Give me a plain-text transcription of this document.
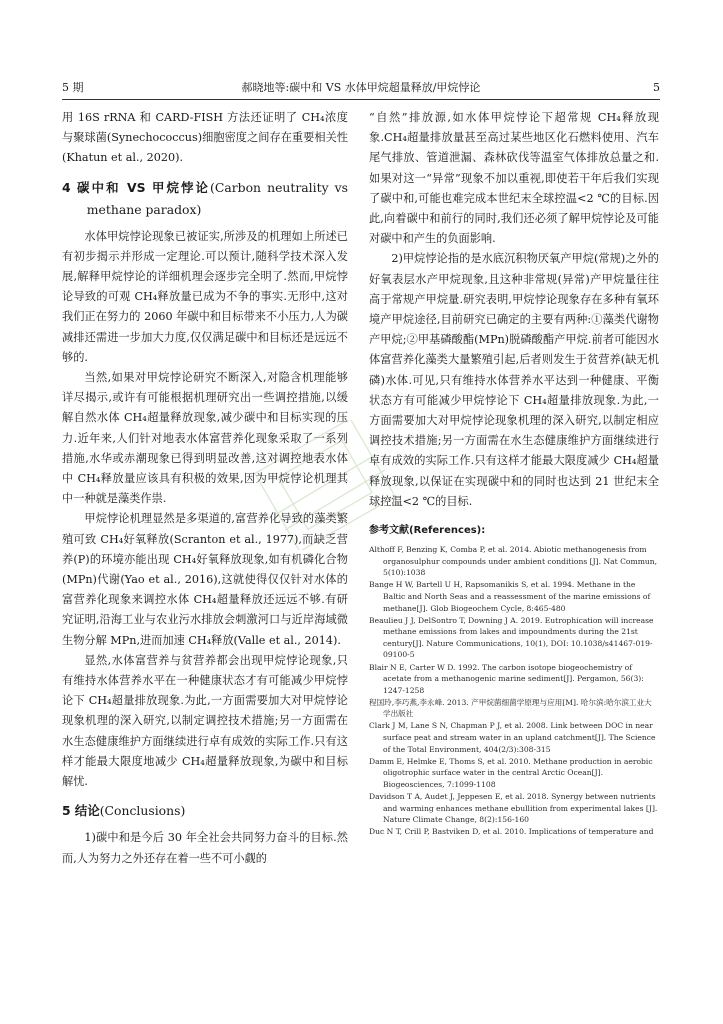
5 期	郝晓地等:碳中和 VS 水体甲烷超量释放/甲烷悖论	5

用 16S rRNA 和 CARD-FISH 方法还证明了 CH₄浓度与聚球菌(Synechococcus)细胞密度之间存在重要相关性(Khatun et al., 2020).

4 碳中和 VS 甲烷悖论(Carbon neutrality vs methane paradox)

水体甲烷悖论现象已被证实,所涉及的机理如上所述已有初步揭示并形成一定理论.可以预计,随科学技术深入发展,解释甲烷悖论的详细机理会逐步完全明了.然而,甲烷悖论导致的可观 CH₄释放量已成为不争的事实.无形中,这对我们正在努力的 2060 年碳中和目标带来不小压力,人为碳减排还需进一步加大力度,仅仅满足碳中和目标还是远远不够的.

当然,如果对甲烷悖论研究不断深入,对隐含机理能够详尽揭示,或许有可能根据机理研究出一些调控措施,以缓解自然水体 CH₄超量释放现象,减少碳中和目标实现的压力.近年来,人们针对地表水体富营养化现象采取了一系列措施,水华或赤潮现象已得到明显改善,这对调控地表水体中 CH₄释放量应该具有积极的效果,因为甲烷悖论机理其中一种就是藻类作祟.

甲烷悖论机理显然是多渠道的,富营养化导致的藻类繁殖可致 CH₄好氧释放(Scranton et al., 1977),而缺乏营养(P)的环境亦能出现 CH₄好氧释放现象,如有机磷化合物(MPn)代谢(Yao et al., 2016),这就使得仅仅针对水体的富营养化现象来调控水体 CH₄超量释放还远远不够.有研究证明,沿海工业与农业污水排放会刺激河口与近岸海域微生物分解 MPn,进而加速 CH₄释放(Valle et al., 2014).

显然,水体富营养与贫营养都会出现甲烷悖论现象,只有维持水体营养水平在一种健康状态才有可能减少甲烷悖论下 CH₄超量排放现象.为此,一方面需要加大对甲烷悖论现象机理的深入研究,以制定调控技术措施;另一方面需在水生态健康维护方面继续进行卓有成效的实际工作.只有这样才能最大限度地减少 CH₄超量释放现象,为碳中和目标解忧.

5 结论(Conclusions)

1)碳中和是今后 30 年全社会共同努力奋斗的目标.然而,人为努力之外还存在着一些不可小觑的

“自然”排放源,如水体甲烷悖论下超常规 CH₄释放现象.CH₄超量排放量甚至高过某些地区化石燃料使用、汽车尾气排放、管道泄漏、森林砍伐等温室气体排放总量之和.如果对这一“异常”现象不加以重视,即使若干年后我们实现了碳中和,可能也难完成本世纪末全球控温<2 ℃的目标.因此,向着碳中和前行的同时,我们还必须了解甲烷悖论及可能对碳中和产生的负面影响.

2)甲烷悖论指的是水底沉积物厌氧产甲烷(常规)之外的好氧表层水产甲烷现象,且这种非常规(异常)产甲烷量往往高于常规产甲烷量.研究表明,甲烷悖论现象存在多种有氧环境产甲烷途径,目前研究已确定的主要有两种:①藻类代谢物产甲烷;②甲基磷酸酯(MPn)脱磷酸酯产甲烷.前者可能因水体富营养化藻类大量繁殖引起,后者则发生于贫营养(缺无机磷)水体.可见,只有维持水体营养水平达到一种健康、平衡状态方有可能减少甲烷悖论下 CH₄超量排放现象.为此,一方面需要加大对甲烷悖论现象机理的深入研究,以制定相应调控技术措施;另一方面需在水生态健康维护方面继续进行卓有成效的实际工作.只有这样才能最大限度减少 CH₄超量释放现象,以保证在实现碳中和的同时也达到 21 世纪末全球控温<2 ℃的目标.

参考文献(References):
Althoff F, Benzing K, Comba P, et al. 2014. Abiotic methanogenesis from organosulphur compounds under ambient conditions [J]. Nat Commun, 5(10):1038
Bange H W, Bartell U H, Rapsomanikis S, et al. 1994. Methane in the Baltic and North Seas and a reassessment of the marine emissions of methane[J]. Glob Biogeochem Cycle, 8:465-480
Beaulieu J J, DelSontro T, Downing J A. 2019. Eutrophication will increase methane emissions from lakes and impoundments during the 21st century[J]. Nature Communications, 10(1), DOI: 10.1038/s41467-019-09100-5
Blair N E, Carter W D. 1992. The carbon isotope biogeochemistry of acetate from a methanogenic marine sediment[J]. Pergamon, 56(3): 1247-1258
程国玲,李巧燕,李永峰. 2013. 产甲烷菌细菌学原理与应用[M]. 哈尔滨:哈尔滨工业大学出版社
Clark J M, Lane S N, Chapman P J, et al. 2008. Link between DOC in near surface peat and stream water in an upland catchment[J]. The Science of the Total Environment, 404(2/3):308-315
Damm E, Helmke E, Thoms S, et al. 2010. Methane production in aerobic oligotrophic surface water in the central Arctic Ocean[J]. Biogeosciences, 7:1099-1108
Davidson T A, Audet J, Jeppesen E, et al. 2018. Synergy between nutrients and warming enhances methane ebullition from experimental lakes [J]. Nature Climate Change, 8(2):156-160
Duc N T, Crill P, Bastviken D, et al. 2010. Implications of temperature and
